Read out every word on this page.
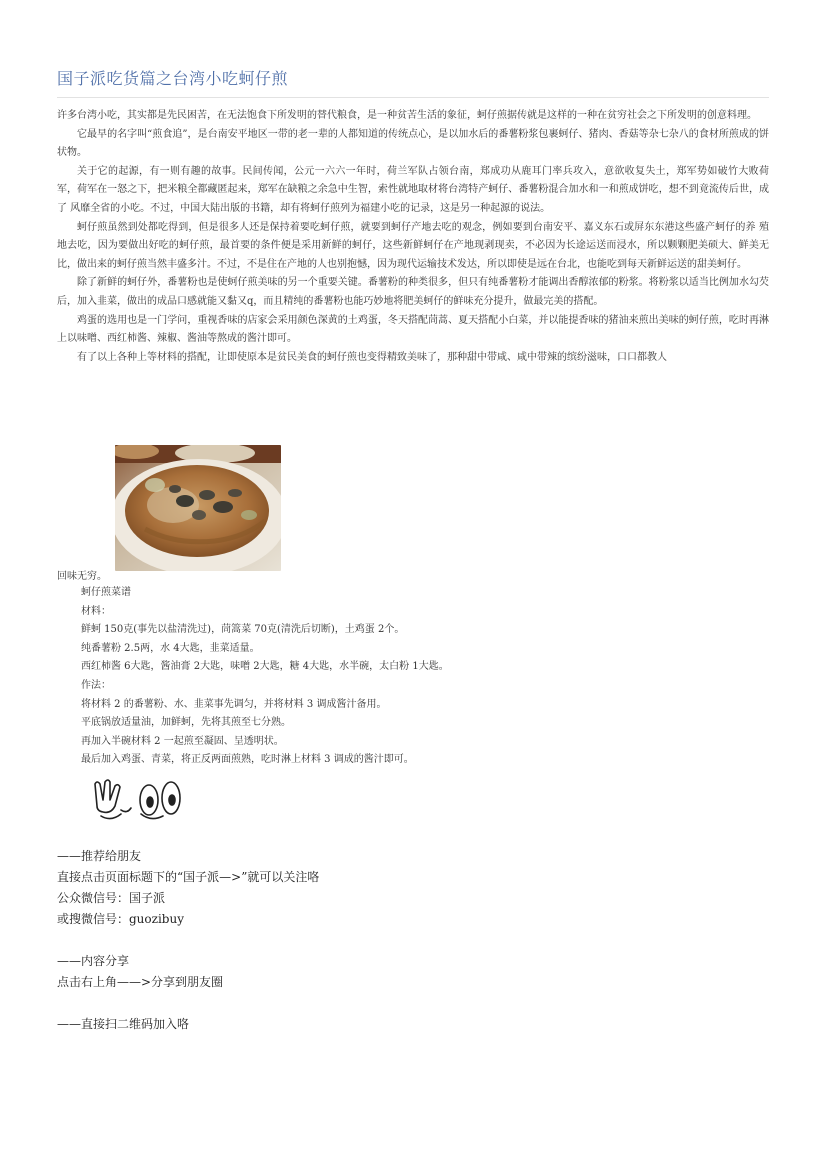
国子派吃货篇之台湾小吃蚵仔煎

许多台湾小吃，其实都是先民困苦，在无法饱食下所发明的替代粮食，是一种贫苦生活的象征，蚵仔煎据传就是这样的一种在贫穷社会之下所发明的创意料理。

它最早的名字叫“煎食追”，是台南安平地区一带的老一辈的人都知道的传统点心，是以加水后的番薯粉浆包裹蚵仔、猪肉、香菇等杂七杂八的食材所煎成的饼状物。

关于它的起源，有一则有趣的故事。民间传闻，公元一六六一年时，荷兰军队占领台南，郑成功从鹿耳门率兵攻入，意欲收复失土，郑军势如破竹大败荷 军，荷军在一怒之下，把米粮全都藏匿起来，郑军在缺粮之余急中生智，索性就地取材将台湾特产蚵仔、番薯粉混合加水和一和煎成饼吃，想不到竟流传后世，成了 风靡全省的小吃。不过，中国大陆出版的书籍，却有将蚵仔煎列为福建小吃的记录，这是另一种起源的说法。

蚵仔煎虽然到处都吃得到，但是很多人还是保持着要吃蚵仔煎，就要到蚵仔产地去吃的观念，例如要到台南安平、嘉义东石或屏东东港这些盛产蚵仔的养 殖地去吃，因为要做出好吃的蚵仔煎，最首要的条件便是采用新鲜的蚵仔，这些新鲜蚵仔在产地现剥现卖，不必因为长途运送而浸水，所以颗颗肥美硕大、鲜美无 比，做出来的蚵仔煎当然丰盛多汁。不过，不是住在产地的人也别抱憾，因为现代运输技术发达，所以即使是远在台北，也能吃到每天新鲜运送的甜美蚵仔。

除了新鲜的蚵仔外，番薯粉也是使蚵仔煎美味的另一个重要关键。番薯粉的种类很多，但只有纯番薯粉才能调出香醇浓郁的粉浆。将粉浆以适当比例加水勾芡后，加入韭菜，做出的成品口感就能又黏又q，而且精纯的番薯粉也能巧妙地将肥美蚵仔的鲜味充分提升，做最完美的搭配。

鸡蛋的选用也是一门学问，重视香味的店家会采用颜色深黄的土鸡蛋，冬天搭配茼蒿、夏天搭配小白菜，并以能提香味的猪油来煎出美味的蚵仔煎，吃时再淋上以味噌、西红柿酱、辣椒、酱油等熬成的酱汁即可。

有了以上各种上等材料的搭配，让即使原本是贫民美食的蚵仔煎也变得精致美味了，那种甜中带咸、咸中带辣的缤纷滋味，口口都教人

回味无穷。
蚵仔煎菜谱
材料：
鲜蚵 150克(事先以盐清洗过)，茼篙菜 70克(清洗后切断)，土鸡蛋 2个。
纯番薯粉 2.5两，水 4大匙，韭菜适量。
西红柿酱 6大匙，酱油膏 2大匙，味噌 2大匙，糖 4大匙，水半碗，太白粉 1大匙。
作法：
将材料 2 的番薯粉、水、韭菜事先调匀，并将材料 3 调成酱汁备用。
平底锅放适量油，加鲜蚵，先将其煎至七分熟。
再加入半碗材料 2 一起煎至凝固、呈透明状。
最后加入鸡蛋、青菜，将正反两面煎熟，吃时淋上材料 3 调成的酱汁即可。
——推荐给朋友
直接点击页面标题下的“国子派—>”就可以关注咯
公众微信号：国子派
或搜微信号：guozibuy
——内容分享
点击右上角——>分享到朋友圈
——直接扫二维码加入咯
